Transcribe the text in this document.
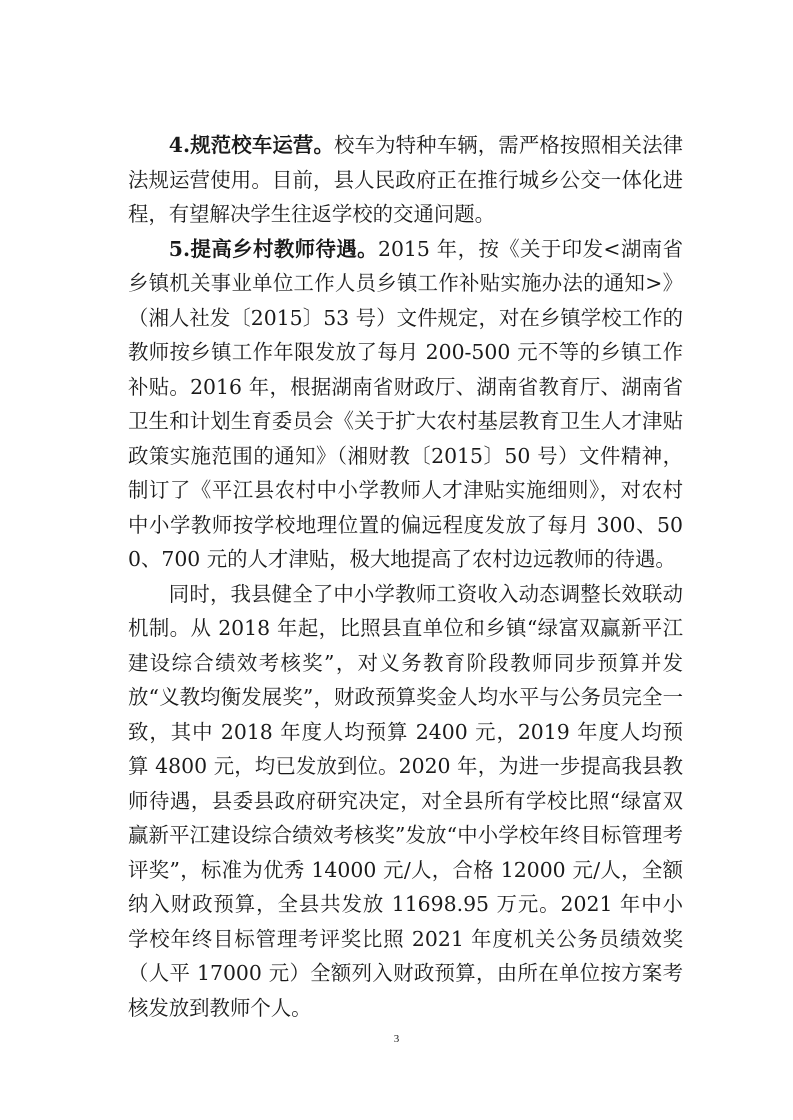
4.规范校车运营。校车为特种车辆，需严格按照相关法律法规运营使用。目前，县人民政府正在推行城乡公交一体化进程，有望解决学生往返学校的交通问题。

5.提高乡村教师待遇。2015 年，按《关于印发<湖南省乡镇机关事业单位工作人员乡镇工作补贴实施办法的通知>》（湘人社发〔2015〕53 号）文件规定，对在乡镇学校工作的教师按乡镇工作年限发放了每月 200-500 元不等的乡镇工作补贴。2016 年，根据湖南省财政厅、湖南省教育厅、湖南省卫生和计划生育委员会《关于扩大农村基层教育卫生人才津贴政策实施范围的通知》（湘财教〔2015〕50 号）文件精神，制订了《平江县农村中小学教师人才津贴实施细则》，对农村中小学教师按学校地理位置的偏远程度发放了每月 300、500、700 元的人才津贴，极大地提高了农村边远教师的待遇。

同时，我县健全了中小学教师工资收入动态调整长效联动机制。从 2018 年起，比照县直单位和乡镇“绿富双赢新平江建设综合绩效考核奖”，对义务教育阶段教师同步预算并发放“义教均衡发展奖”，财政预算奖金人均水平与公务员完全一致，其中 2018 年度人均预算 2400 元，2019 年度人均预算 4800 元，均已发放到位。2020 年，为进一步提高我县教师待遇，县委县政府研究决定，对全县所有学校比照“绿富双赢新平江建设综合绩效考核奖”发放“中小学校年终目标管理考评奖”，标准为优秀 14000 元/人，合格 12000 元/人，全额纳入财政预算，全县共发放 11698.95 万元。2021 年中小学校年终目标管理考评奖比照 2021 年度机关公务员绩效奖（人平 17000 元）全额列入财政预算，由所在单位按方案考核发放到教师个人。

3
